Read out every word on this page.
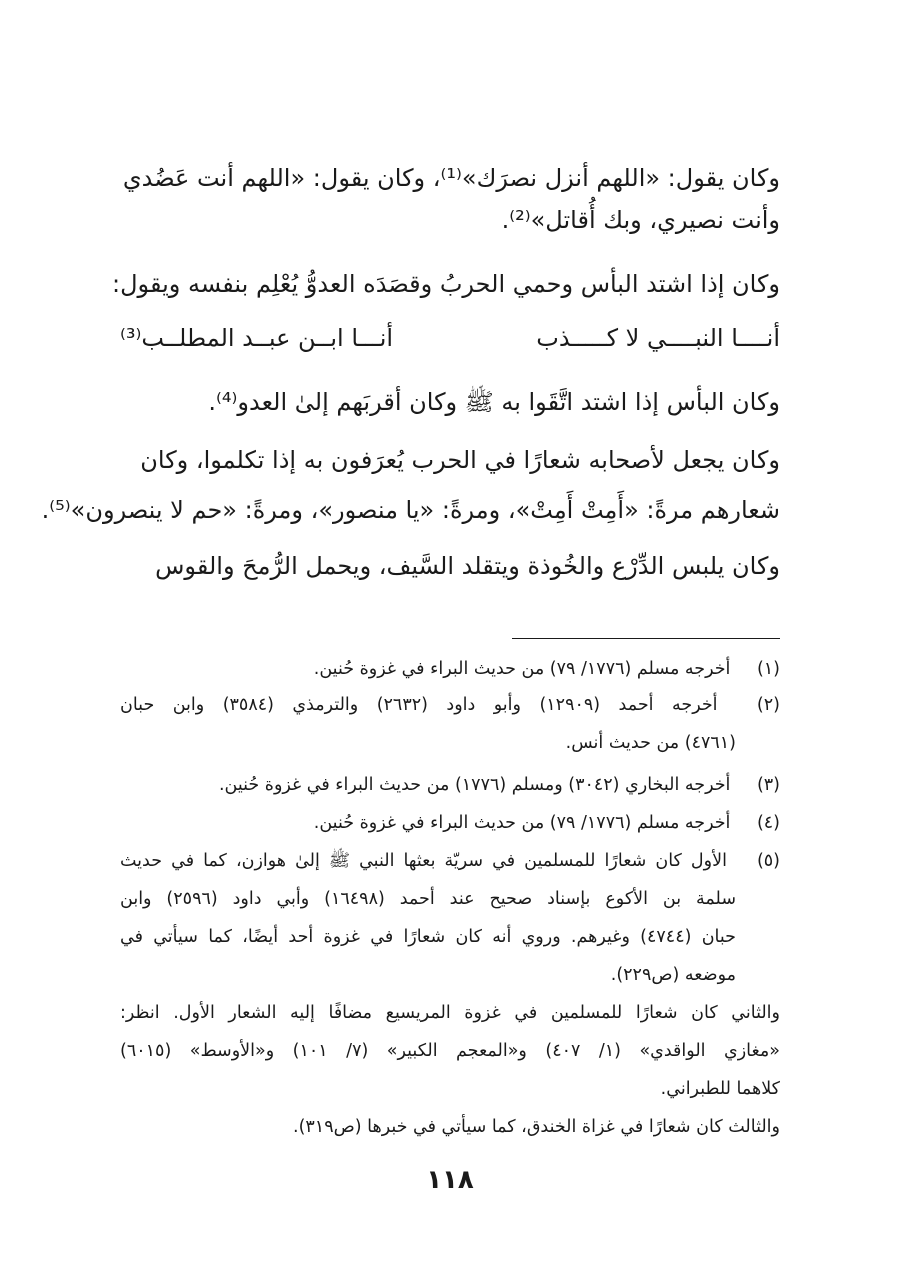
وكان يقول: «اللهم أنزل نصرَك»⁽¹⁾، وكان يقول: «اللهم أنت عَضُدي

وأنت نصيري، وبك أُقاتل»⁽²⁾.

وكان إذا اشتد البأس وحمي الحربُ وقصَدَه العدوُّ يُعْلِم بنفسه ويقول:

أنــــا النبــــي لا كـــــذب
أنـــا ابــن عبــد المطلــب⁽³⁾

وكان البأس إذا اشتد اتَّقَوا به ﷺ وكان أقربَهم إلىٰ العدو⁽⁴⁾.

وكان يجعل لأصحابه شعارًا في الحرب يُعرَفون به إذا تكلموا، وكان

شعارهم مرةً: «أَمِتْ أَمِتْ»، ومرةً: «يا منصور»، ومرةً: «حم لا ينصرون»⁽⁵⁾.

وكان يلبس الدِّرْع والخُوذة ويتقلد السَّيف، ويحمل الرُّمحَ والقوس

(١) أخرجه مسلم (١٧٧٦/ ٧٩) من حديث البراء في غزوة حُنين.

(٢) أخرجه أحمد (١٢٩٠٩) وأبو داود (٢٦٣٢) والترمذي (٣٥٨٤) وابن حبان

(٤٧٦١) من حديث أنس.

(٣) أخرجه البخاري (٣٠٤٢) ومسلم (١٧٧٦) من حديث البراء في غزوة حُنين.

(٤) أخرجه مسلم (١٧٧٦/ ٧٩) من حديث البراء في غزوة حُنين.

(٥) الأول كان شعارًا للمسلمين في سريّة بعثها النبي ﷺ إلىٰ هوازن، كما في حديث

سلمة بن الأكوع بإسناد صحيح عند أحمد (١٦٤٩٨) وأبي داود (٢٥٩٦) وابن

حبان (٤٧٤٤) وغيرهم. وروي أنه كان شعارًا في غزوة أحد أيضًا، كما سيأتي في

موضعه (ص٢٢٩).

والثاني كان شعارًا للمسلمين في غزوة المريسيع مضافًا إليه الشعار الأول. انظر:

«مغازي الواقدي» (١/ ٤٠٧) و«المعجم الكبير» (٧/ ١٠١) و«الأوسط» (٦٠١٥)

كلاهما للطبراني.

والثالث كان شعارًا في غزاة الخندق، كما سيأتي في خبرها (ص٣١٩).

١١٨
